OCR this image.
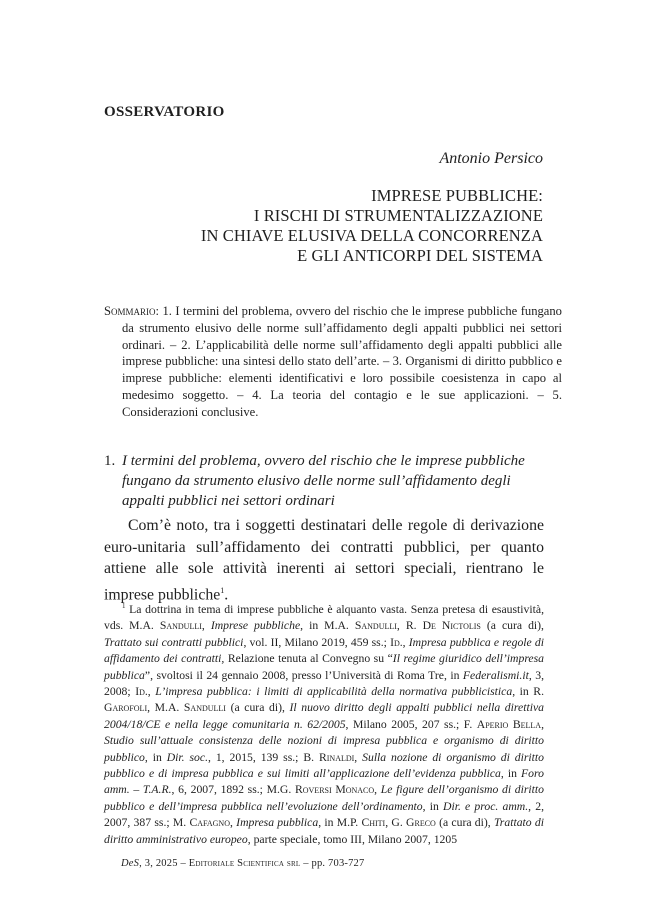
OSSERVATORIO
Antonio Persico
IMPRESE PUBBLICHE:
I RISCHI DI STRUMENTALIZZAZIONE
IN CHIAVE ELUSIVA DELLA CONCORRENZA
E GLI ANTICORPI DEL SISTEMA
Sommario: 1. I termini del problema, ovvero del rischio che le imprese pubbliche fungano da strumento elusivo delle norme sull’affidamento degli appalti pubblici nei settori ordinari. – 2. L’applicabilità delle norme sull’affidamento degli appalti pubblici alle imprese pubbliche: una sintesi dello stato dell’arte. – 3. Organismi di diritto pubblico e imprese pubbliche: elementi identificativi e loro possibile coesistenza in capo al medesimo soggetto. – 4. La teoria del contagio e le sue applicazioni. – 5. Considerazioni conclusive.
1. I termini del problema, ovvero del rischio che le imprese pubbliche fungano da strumento elusivo delle norme sull’affidamento degli appalti pubblici nei settori ordinari
Com’è noto, tra i soggetti destinatari delle regole di derivazione euro-unitaria sull’affidamento dei contratti pubblici, per quanto attiene alle sole attività inerenti ai settori speciali, rientrano le imprese pubbliche$^1$.
$^1$ La dottrina in tema di imprese pubbliche è alquanto vasta. Senza pretesa di esaustività, vds. M.A. Sandulli, Imprese pubbliche, in M.A. Sandulli, R. De Nictolis (a cura di), Trattato sui contratti pubblici, vol. II, Milano 2019, 459 ss.; Id., Impresa pubblica e regole di affidamento dei contratti, Relazione tenuta al Convegno su “Il regime giuridico dell’impresa pubblica”, svoltosi il 24 gennaio 2008, presso l’Università di Roma Tre, in Federalismi.it, 3, 2008; Id., L’impresa pubblica: i limiti di applicabilità della normativa pubblicistica, in R. Garofoli, M.A. Sandulli (a cura di), Il nuovo diritto degli appalti pubblici nella direttiva 2004/18/CE e nella legge comunitaria n. 62/2005, Milano 2005, 207 ss.; F. Aperio Bella, Studio sull’attuale consistenza delle nozioni di impresa pubblica e organismo di diritto pubblico, in Dir. soc., 1, 2015, 139 ss.; B. Rinaldi, Sulla nozione di organismo di diritto pubblico e di impresa pubblica e sui limiti all’applicazione dell’evidenza pubblica, in Foro amm. – T.A.R., 6, 2007, 1892 ss.; M.G. Roversi Monaco, Le figure dell’organismo di diritto pubblico e dell’impresa pubblica nell’evoluzione dell’ordinamento, in Dir. e proc. amm., 2, 2007, 387 ss.; M. Cafagno, Impresa pubblica, in M.P. Chiti, G. Greco (a cura di), Trattato di diritto amministrativo europeo, parte speciale, tomo III, Milano 2007, 1205
DeS, 3, 2025 – Editoriale Scientifica srl – pp. 703-727
